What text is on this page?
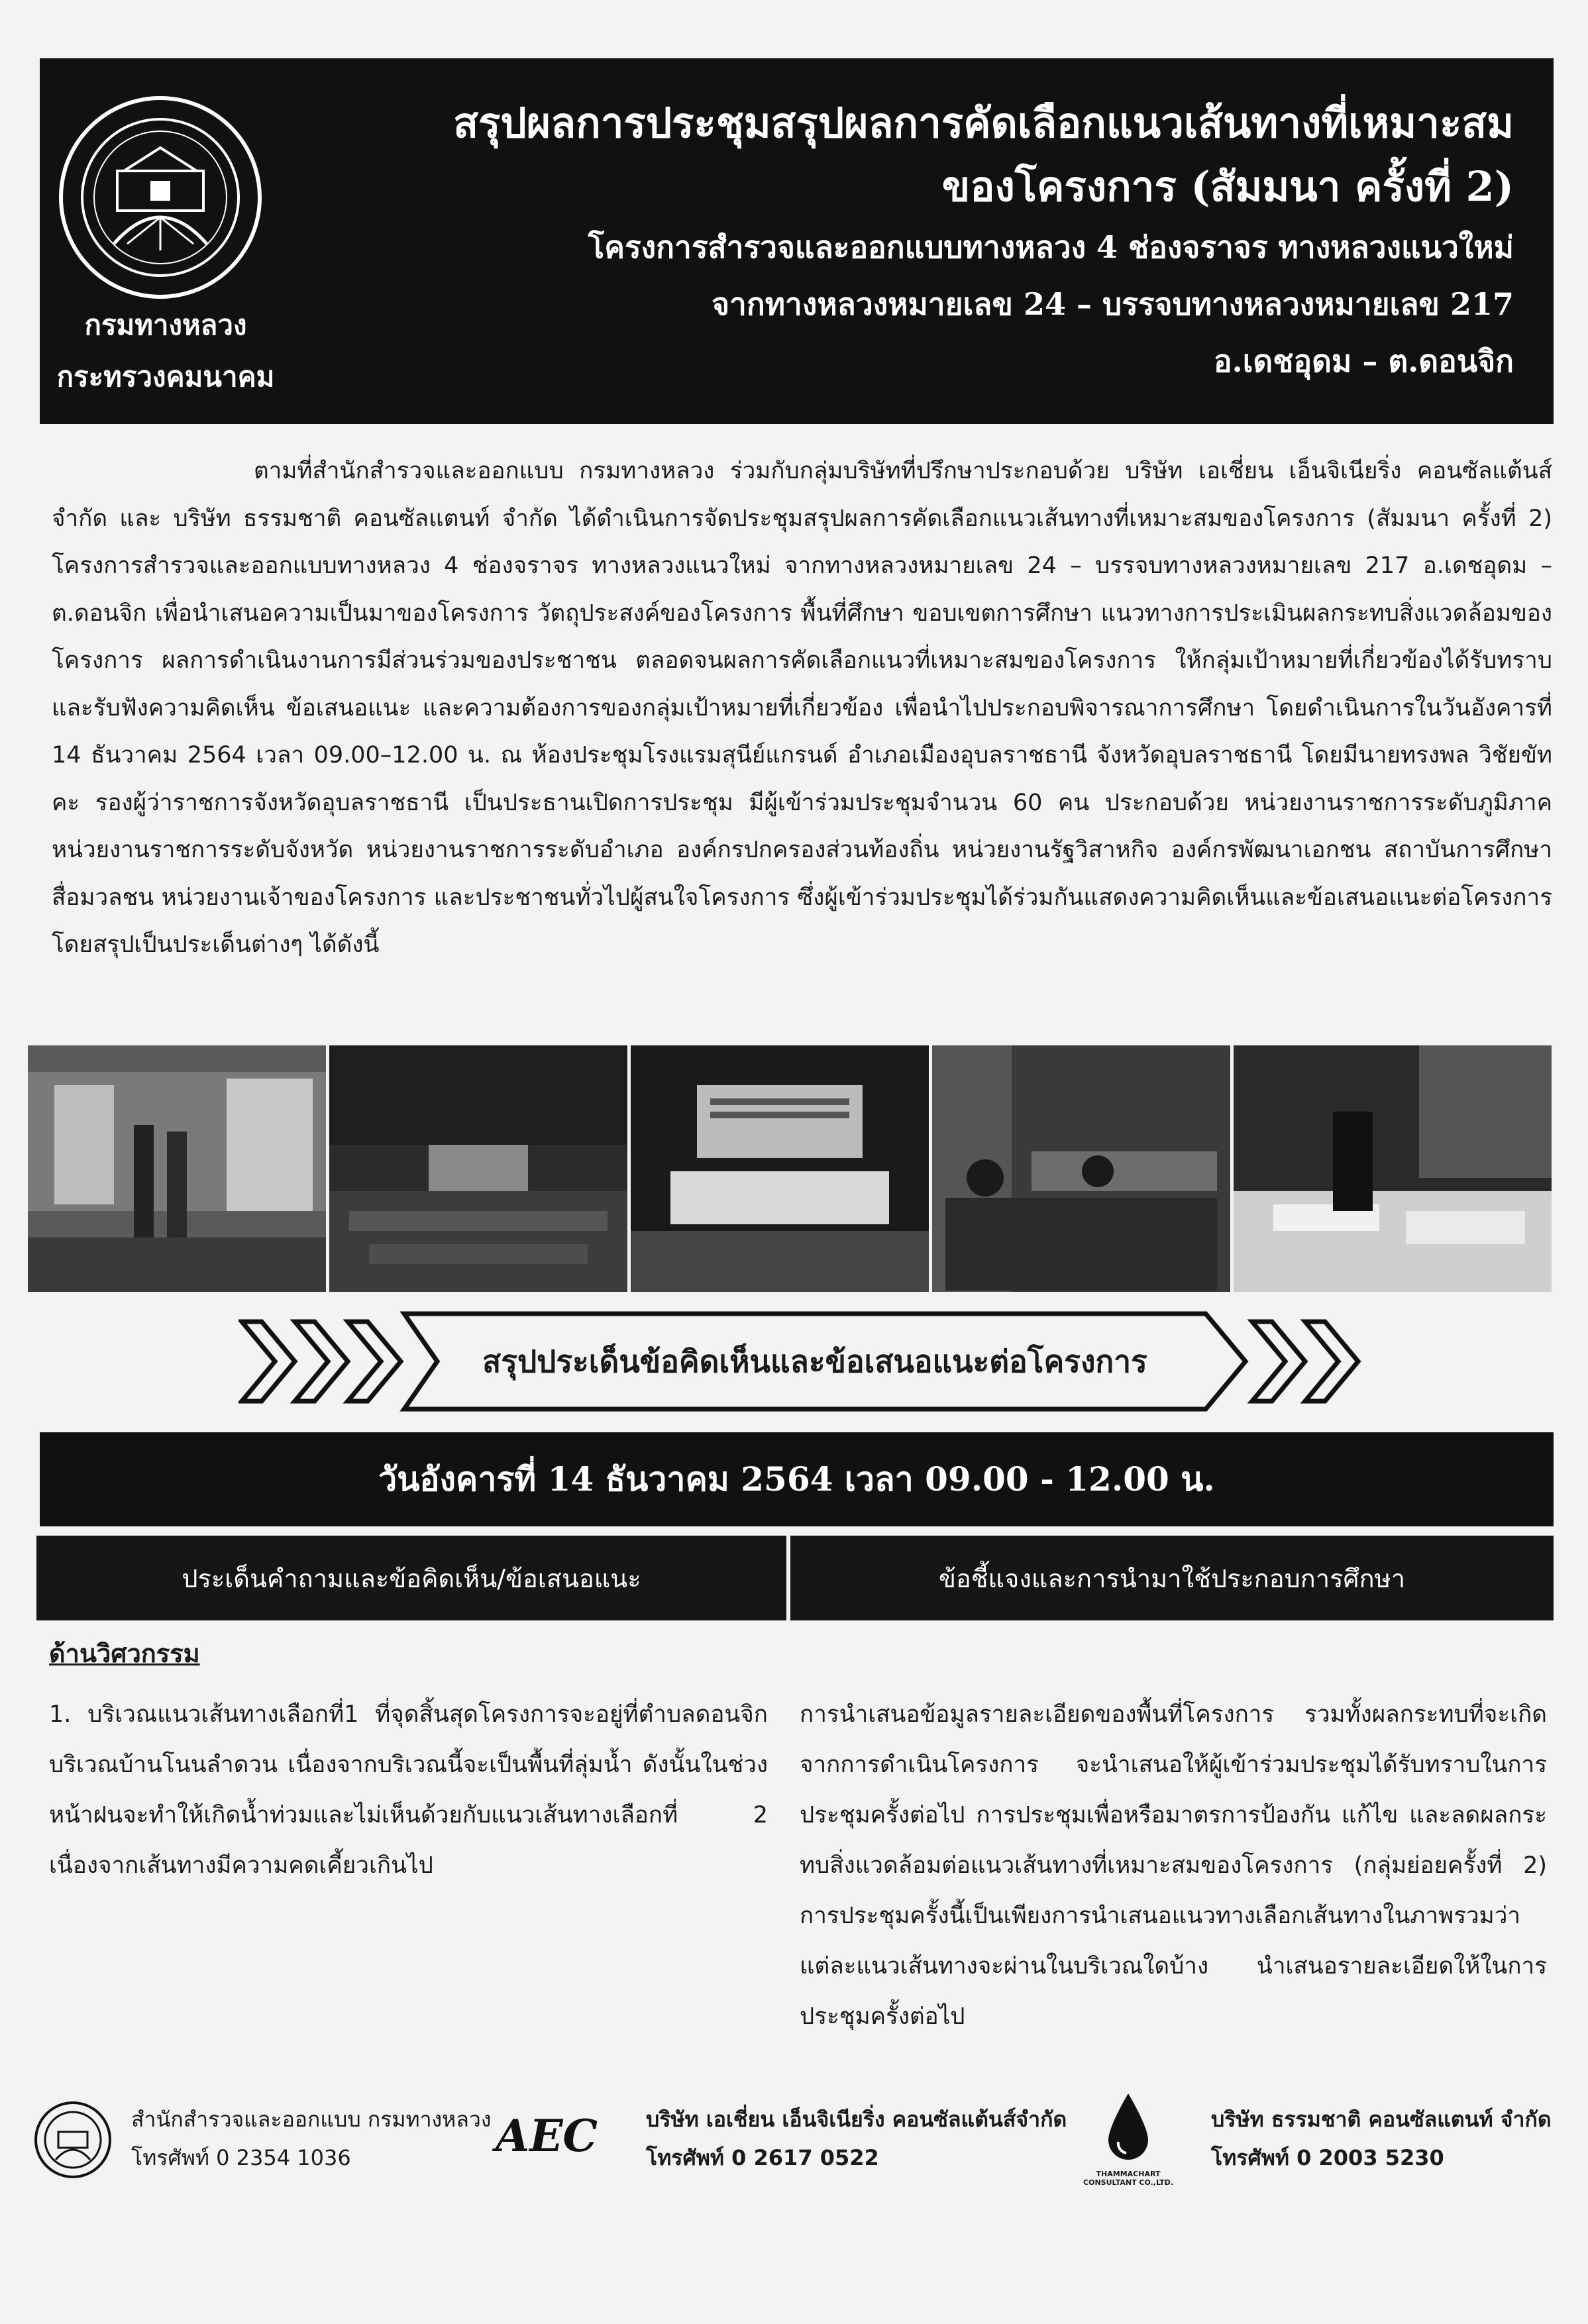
กรมทางหลวง
กระทรวงคมนาคม

สรุปผลการประชุมสรุปผลการคัดเลือกแนวเส้นทางที่เหมาะสม

ของโครงการ (สัมมนา ครั้งที่ 2)

โครงการสำรวจและออกแบบทางหลวง 4 ช่องจราจร ทางหลวงแนวใหม่

จากทางหลวงหมายเลข 24 – บรรจบทางหลวงหมายเลข 217

อ.เดชอุดม – ต.ดอนจิก

ตามที่สำนักสำรวจและออกแบบ กรมทางหลวง ร่วมกับกลุ่มบริษัทที่ปรึกษาประกอบด้วย บริษัท เอเชี่ยน เอ็นจิเนียริ่ง คอนซัลแต้นส์ จำกัด และ บริษัท ธรรมชาติ คอนซัลแตนท์ จำกัด ได้ดำเนินการจัดประชุมสรุปผลการคัดเลือกแนวเส้นทางที่เหมาะสมของโครงการ (สัมมนา ครั้งที่ 2) โครงการสำรวจและออกแบบทางหลวง 4 ช่องจราจร ทางหลวงแนวใหม่ จากทางหลวงหมายเลข 24 – บรรจบทางหลวงหมายเลข 217 อ.เดชอุดม –ต.ดอนจิก เพื่อนำเสนอความเป็นมาของโครงการ วัตถุประสงค์ของโครงการ พื้นที่ศึกษา ขอบเขตการศึกษา แนวทางการประเมินผลกระทบสิ่งแวดล้อมของโครงการ ผลการดำเนินงานการมีส่วนร่วมของประชาชน ตลอดจนผลการคัดเลือกแนวที่เหมาะสมของโครงการ ให้กลุ่มเป้าหมายที่เกี่ยวข้องได้รับทราบ และรับฟังความคิดเห็น ข้อเสนอแนะ และความต้องการของกลุ่มเป้าหมายที่เกี่ยวข้อง เพื่อนำไปประกอบพิจารณาการศึกษา โดยดำเนินการในวันอังคารที่ 14 ธันวาคม 2564 เวลา 09.00–12.00 น. ณ ห้องประชุมโรงแรมสุนีย์แกรนด์ อำเภอเมืองอุบลราชธานี จังหวัดอุบลราชธานี โดยมีนายทรงพล วิชัยขัทคะ รองผู้ว่าราชการจังหวัดอุบลราชธานี เป็นประธานเปิดการประชุม มีผู้เข้าร่วมประชุมจำนวน 60 คน ประกอบด้วย หน่วยงานราชการระดับภูมิภาค หน่วยงานราชการระดับจังหวัด หน่วยงานราชการระดับอำเภอ องค์กรปกครองส่วนท้องถิ่น หน่วยงานรัฐวิสาหกิจ องค์กรพัฒนาเอกชน สถาบันการศึกษา สื่อมวลชน หน่วยงานเจ้าของโครงการ และประชาชนทั่วไปผู้สนใจโครงการ ซึ่งผู้เข้าร่วมประชุมได้ร่วมกันแสดงความคิดเห็นและข้อเสนอแนะต่อโครงการ โดยสรุปเป็นประเด็นต่างๆ ได้ดังนี้

สรุปประเด็นข้อคิดเห็นและข้อเสนอแนะต่อโครงการ

วันอังคารที่ 14 ธันวาคม 2564 เวลา 09.00 - 12.00 น.
ประเด็นคำถามและข้อคิดเห็น/ข้อเสนอแนะ	ข้อชี้แจงและการนำมาใช้ประกอบการศึกษา

ด้านวิศวกรรม

1. บริเวณแนวเส้นทางเลือกที่1 ที่จุดสิ้นสุดโครงการจะอยู่ที่ตำบลดอนจิก บริเวณบ้านโนนลำดวน เนื่องจากบริเวณนี้จะเป็นพื้นที่ลุ่มน้ำ ดังนั้นในช่วงหน้าฝนจะทำให้เกิดน้ำท่วมและไม่เห็นด้วยกับแนวเส้นทางเลือกที่ 2 เนื่องจากเส้นทางมีความคดเคี้ยวเกินไป

การนำเสนอข้อมูลรายละเอียดของพื้นที่โครงการ รวมทั้งผลกระทบที่จะเกิดจากการดำเนินโครงการ จะนำเสนอให้ผู้เข้าร่วมประชุมได้รับทราบในการประชุมครั้งต่อไป การประชุมเพื่อหรือมาตรการป้องกัน แก้ไข และลดผลกระทบสิ่งแวดล้อมต่อแนวเส้นทางที่เหมาะสมของโครงการ (กลุ่มย่อยครั้งที่ 2) การประชุมครั้งนี้เป็นเพียงการนำเสนอแนวทางเลือกเส้นทางในภาพรวมว่าแต่ละแนวเส้นทางจะผ่านในบริเวณใดบ้าง นำเสนอรายละเอียดให้ในการประชุมครั้งต่อไป

สำนักสำรวจและออกแบบ กรมทางหลวง
โทรศัพท์ 0 2354 1036	AEC บริษัท เอเชี่ยน เอ็นจิเนียริ่ง คอนซัลแต้นส์จำกัด
โทรศัพท์ 0 2617 0522
THAMMACHART CONSULTANT CO.,LTD.
บริษัท ธรรมชาติ คอนซัลแตนท์ จำกัด
โทรศัพท์ 0 2003 5230
